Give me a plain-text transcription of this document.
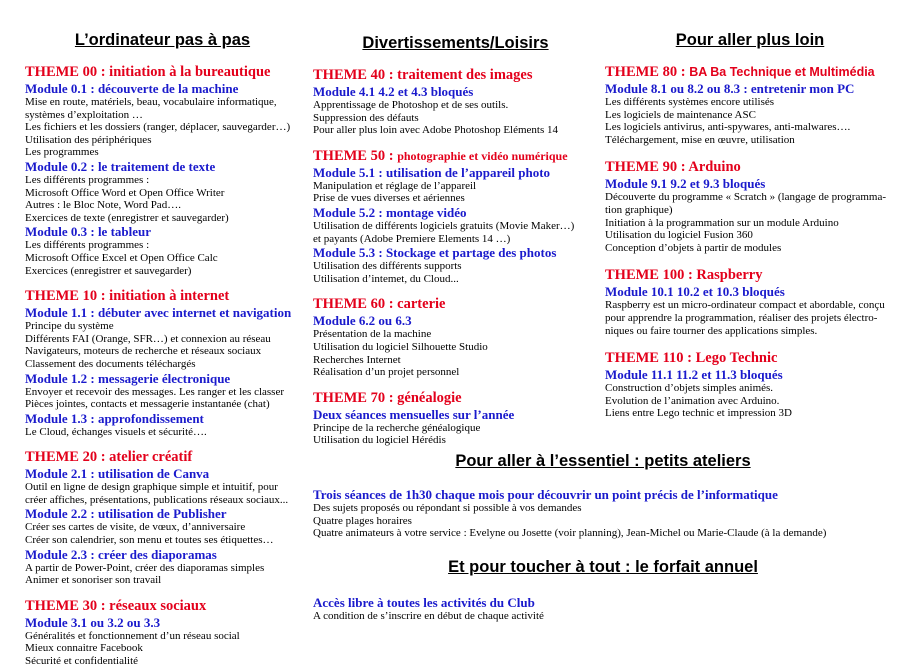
L’ordinateur pas à pas

THEME 00 : initiation à la bureautique

Module 0.1 : découverte de la machine

Mise en route, matériels, beau, vocabulaire informatique,

systèmes d’exploitation …

Les fichiers et les dossiers (ranger, déplacer, sauvegarder…)

Utilisation des périphériques

Les programmes

Module 0.2 : le traitement de texte

Les différents programmes :

Microsoft Office Word et Open Office Writer

Autres : le Bloc Note, Word Pad….

Exercices de texte (enregistrer et sauvegarder)

Module 0.3 : le tableur

Les différents programmes :

Microsoft Office Excel et Open Office Calc

Exercices (enregistrer et sauvegarder)

THEME 10 : initiation à internet

Module 1.1 : débuter avec internet et navigation

Principe du système

Différents FAI (Orange, SFR…) et connexion au réseau

Navigateurs, moteurs de recherche et réseaux sociaux

Classement des documents téléchargés

Module 1.2 : messagerie électronique

Envoyer et recevoir des messages. Les ranger et les classer

Pièces jointes, contacts et messagerie instantanée (chat)

Module 1.3 : approfondissement

Le Cloud, échanges visuels et sécurité….

THEME 20 : atelier créatif

Module 2.1 : utilisation de Canva

Outil en ligne de design graphique simple et intuitif, pour

créer affiches, présentations, publications réseaux sociaux...

Module 2.2 : utilisation de Publisher

Créer ses cartes de visite, de vœux, d’anniversaire

Créer son calendrier, son menu et toutes ses étiquettes…

Module 2.3 : créer des diaporamas

A partir de Power-Point, créer des diaporamas simples

Animer et sonoriser son travail

THEME 30 : réseaux sociaux

Module 3.1 ou 3.2 ou 3.3

Généralités et fonctionnement d’un réseau social

Mieux connaitre Facebook

Sécurité et confidentialité

Divertissements/Loisirs

THEME 40 : traitement des images

Module 4.1 4.2 et 4.3 bloqués

Apprentissage de Photoshop et de ses outils.

Suppression des défauts

Pour aller plus loin avec Adobe Photoshop Eléments 14

THEME 50 : photographie et vidéo numérique

Module 5.1 : utilisation de l’appareil photo

Manipulation et réglage de l’appareil

Prise de vues diverses et aériennes

Module 5.2 : montage vidéo

Utilisation de différents logiciels gratuits (Movie Maker…)

et payants (Adobe Premiere Elements 14 …)

Module 5.3 : Stockage et partage des photos

Utilisation des différents supports

Utilisation d’intemet, du Cloud...

THEME 60 : carterie

Module 6.2 ou 6.3

Présentation de la machine

Utilisation du logiciel Silhouette Studio

Recherches Internet

Réalisation d’un projet personnel

THEME 70 : généalogie

Deux séances mensuelles sur l’année

Principe de la recherche généalogique

Utilisation du logiciel Hérédis

Pour aller plus loin

THEME 80 : BA Ba Technique et Multimédia

Module 8.1 ou 8.2 ou 8.3 : entretenir mon PC

Les différents systèmes encore utilisés

Les logiciels de maintenance ASC

Les logiciels antivirus, anti-spywares, anti-malwares….

Téléchargement, mise en œuvre, utilisation

THEME 90 : Arduino

Module 9.1 9.2 et 9.3 bloqués

Découverte du programme « Scratch » (langage de programma-

tion graphique)

Initiation à la programmation sur un module Arduino

Utilisation du logiciel Fusion 360

Conception d’objets à partir de modules

THEME 100 : Raspberry

Module 10.1 10.2 et 10.3 bloqués

Raspberry est un micro-ordinateur compact et abordable, conçu

pour apprendre la programmation, réaliser des projets électro-

niques ou faire tourner des applications simples.

THEME 110 : Lego Technic

Module 11.1 11.2 et 11.3 bloqués

Construction d’objets simples animés.

Evolution de l’animation avec Arduino.

Liens entre Lego technic et impression 3D

Pour aller à l’essentiel : petits ateliers

Trois séances de 1h30 chaque mois pour découvrir un point précis de l’informatique

Des sujets proposés ou répondant si possible à vos demandes

Quatre plages horaires

Quatre animateurs à votre service : Evelyne ou Josette (voir planning), Jean-Michel ou Marie-Claude (à la demande)

Et pour toucher à tout : le forfait annuel

Accès libre à toutes les activités du Club

A condition de s’inscrire en début de chaque activité
